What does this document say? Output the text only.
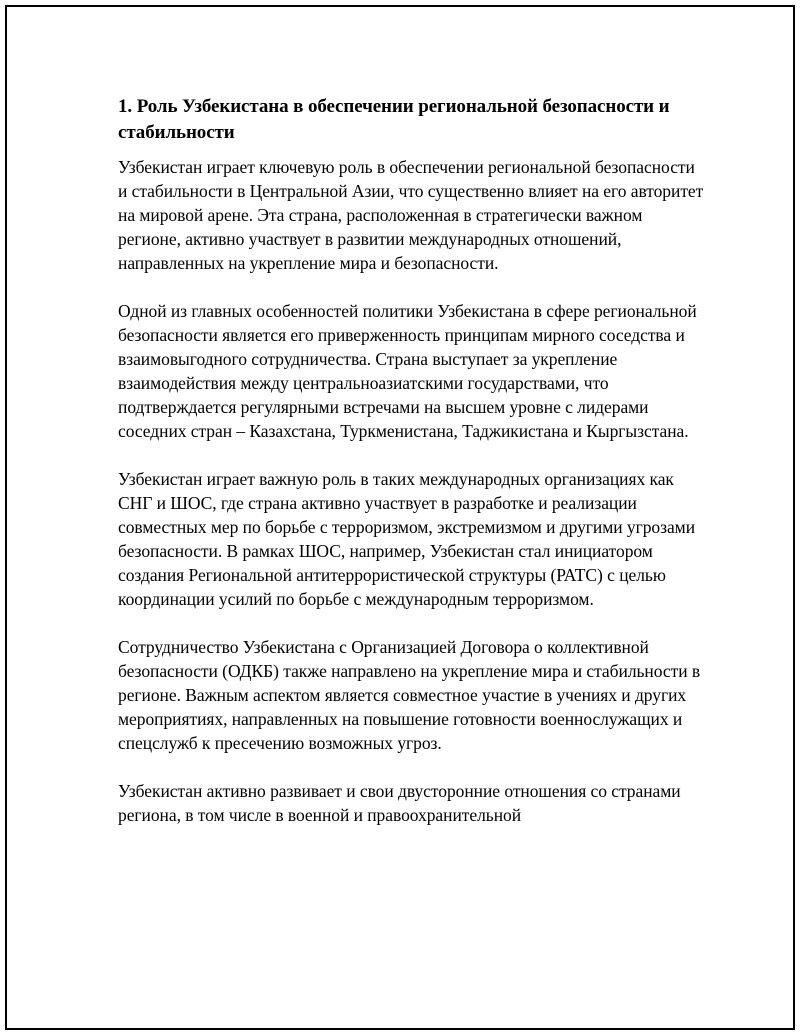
1. Роль Узбекистана в обеспечении региональной безопасности и стабильности

Узбекистан играет ключевую роль в обеспечении региональной безопасности и стабильности в Центральной Азии, что существенно влияет на его авторитет на мировой арене. Эта страна, расположенная в стратегически важном регионе, активно участвует в развитии международных отношений, направленных на укрепление мира и безопасности.

Одной из главных особенностей политики Узбекистана в сфере региональной безопасности является его приверженность принципам мирного соседства и взаимовыгодного сотрудничества. Страна выступает за укрепление взаимодействия между центральноазиатскими государствами, что подтверждается регулярными встречами на высшем уровне с лидерами соседних стран – Казахстана, Туркменистана, Таджикистана и Кыргызстана.

Узбекистан играет важную роль в таких международных организациях как СНГ и ШОС, где страна активно участвует в разработке и реализации совместных мер по борьбе с терроризмом, экстремизмом и другими угрозами безопасности. В рамках ШОС, например, Узбекистан стал инициатором создания Региональной антитеррористической структуры (РАТС) с целью координации усилий по борьбе с международным терроризмом.

Сотрудничество Узбекистана с Организацией Договора о коллективной безопасности (ОДКБ) также направлено на укрепление мира и стабильности в регионе. Важным аспектом является совместное участие в учениях и других мероприятиях, направленных на повышение готовности военнослужащих и спецслужб к пресечению возможных угроз.

Узбекистан активно развивает и свои двусторонние отношения со странами региона, в том числе в военной и правоохранительной
